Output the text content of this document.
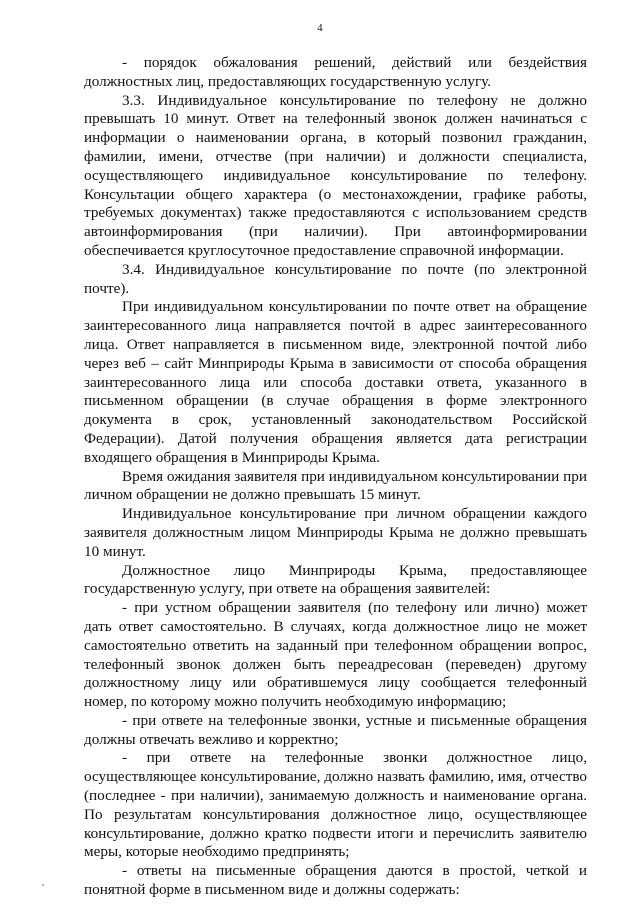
4

- порядок обжалования решений, действий или бездействия должностных лиц, предоставляющих государственную услугу.

3.3. Индивидуальное консультирование по телефону не должно превышать 10 минут. Ответ на телефонный звонок должен начинаться с информации о наименовании органа, в который позвонил гражданин, фамилии, имени, отчестве (при наличии) и должности специалиста, осуществляющего индивидуальное консультирование по телефону. Консультации общего характера (о местонахождении, графике работы, требуемых документах) также предоставляются с использованием средств автоинформирования (при наличии). При автоинформировании обеспечивается круглосуточное предоставление справочной информации.

3.4. Индивидуальное консультирование по почте (по электронной почте).

При индивидуальном консультировании по почте ответ на обращение заинтересованного лица направляется почтой в адрес заинтересованного лица. Ответ направляется в письменном виде, электронной почтой либо через веб – сайт Минприроды Крыма в зависимости от способа обращения заинтересованного лица или способа доставки ответа, указанного в письменном обращении (в случае обращения в форме электронного документа в срок, установленный законодательством Российской Федерации). Датой получения обращения является дата регистрации входящего обращения в Минприроды Крыма.

Время ожидания заявителя при индивидуальном консультировании при личном обращении не должно превышать 15 минут.

Индивидуальное консультирование при личном обращении каждого заявителя должностным лицом Минприроды Крыма не должно превышать 10 минут.

Должностное лицо Минприроды Крыма, предоставляющее государственную услугу, при ответе на обращения заявителей:

- при устном обращении заявителя (по телефону или лично) может дать ответ самостоятельно. В случаях, когда должностное лицо не может самостоятельно ответить на заданный при телефонном обращении вопрос, телефонный звонок должен быть переадресован (переведен) другому должностному лицу или обратившемуся лицу сообщается телефонный номер, по которому можно получить необходимую информацию;

- при ответе на телефонные звонки, устные и письменные обращения должны отвечать вежливо и корректно;

- при ответе на телефонные звонки должностное лицо, осуществляющее консультирование, должно назвать фамилию, имя, отчество (последнее - при наличии), занимаемую должность и наименование органа. По результатам консультирования должностное лицо, осуществляющее консультирование, должно кратко подвести итоги и перечислить заявителю меры, которые необходимо предпринять;

- ответы на письменные обращения даются в простой, четкой и понятной форме в письменном виде и должны содержать:
